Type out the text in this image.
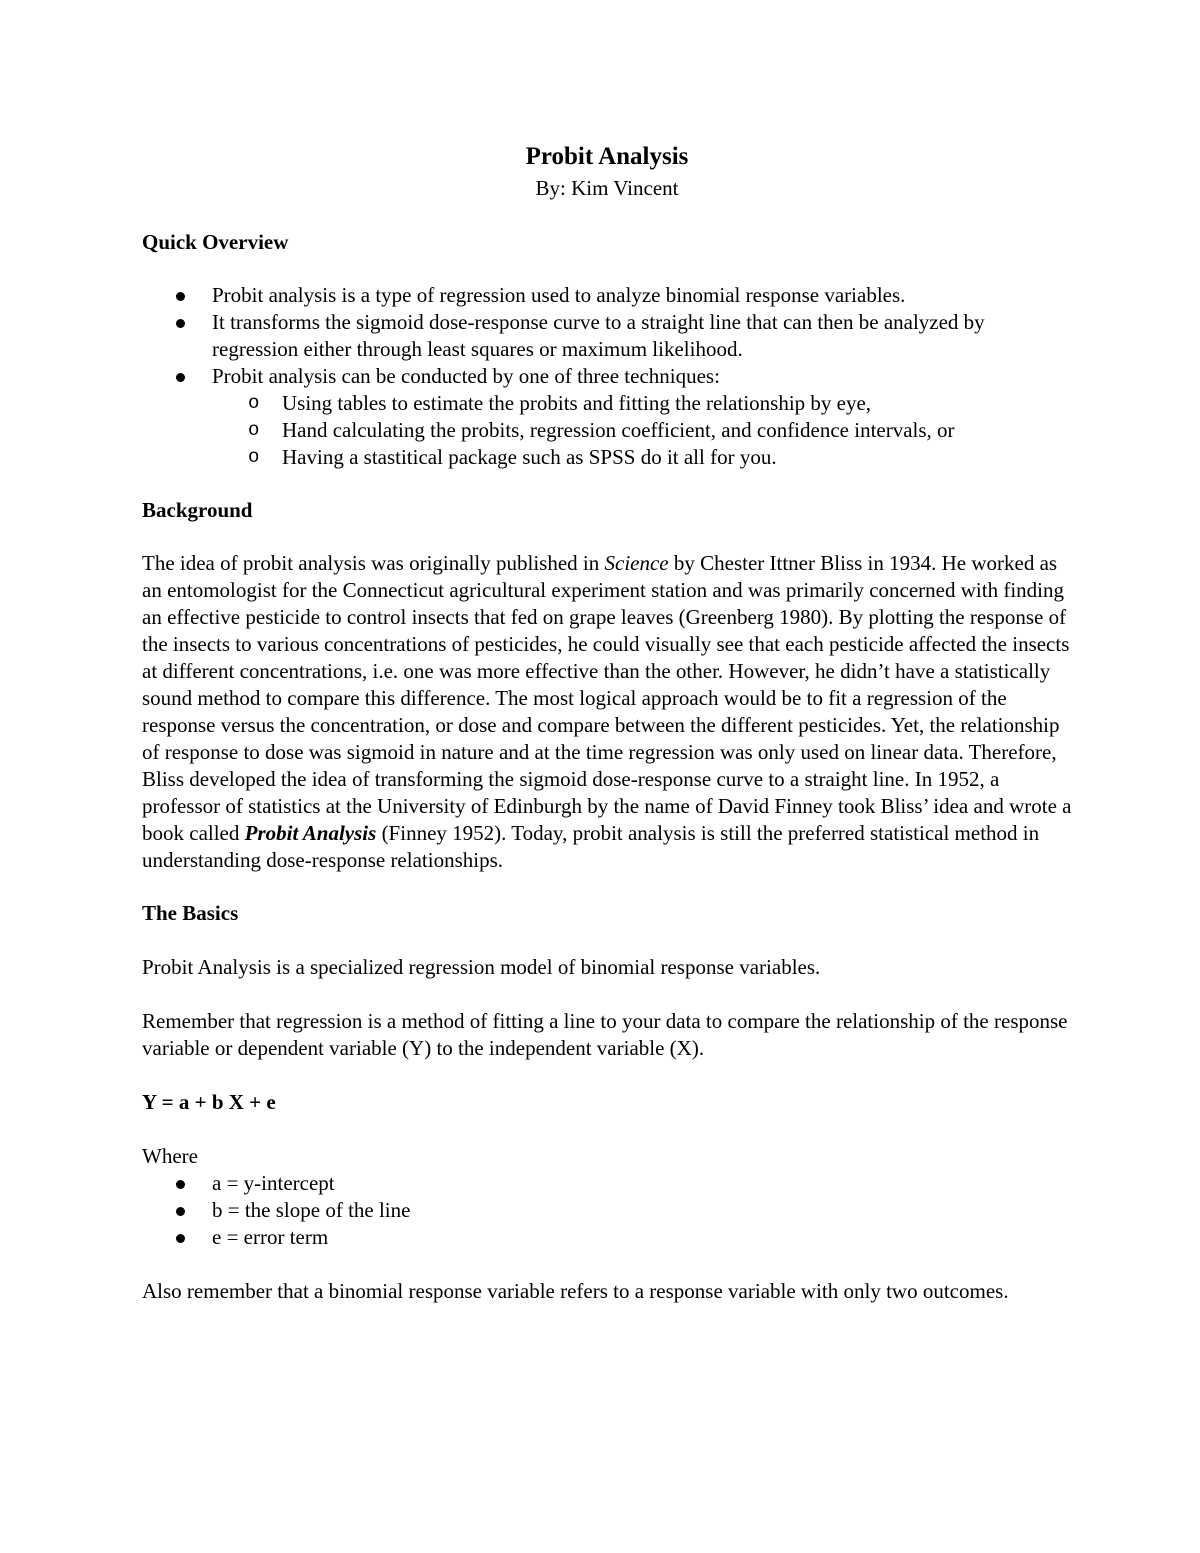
Probit Analysis

By: Kim Vincent

Quick Overview

Probit analysis is a type of regression used to analyze binomial response variables.
It transforms the sigmoid dose-response curve to a straight line that can then be analyzed by regression either through least squares or maximum likelihood.
Probit analysis can be conducted by one of three techniques:
o Using tables to estimate the probits and fitting the relationship by eye,
o Hand calculating the probits, regression coefficient, and confidence intervals, or
o Having a stastitical package such as SPSS do it all for you.

Background

The idea of probit analysis was originally published in Science by Chester Ittner Bliss in 1934. He worked as an entomologist for the Connecticut agricultural experiment station and was primarily concerned with finding an effective pesticide to control insects that fed on grape leaves (Greenberg 1980). By plotting the response of the insects to various concentrations of pesticides, he could visually see that each pesticide affected the insects at different concentrations, i.e. one was more effective than the other. However, he didn’t have a statistically sound method to compare this difference. The most logical approach would be to fit a regression of the response versus the concentration, or dose and compare between the different pesticides. Yet, the relationship of response to dose was sigmoid in nature and at the time regression was only used on linear data. Therefore, Bliss developed the idea of transforming the sigmoid dose-response curve to a straight line. In 1952, a professor of statistics at the University of Edinburgh by the name of David Finney took Bliss’ idea and wrote a book called Probit Analysis (Finney 1952). Today, probit analysis is still the preferred statistical method in understanding dose-response relationships.

The Basics

Probit Analysis is a specialized regression model of binomial response variables.

Remember that regression is a method of fitting a line to your data to compare the relationship of the response variable or dependent variable (Y) to the independent variable (X).

Y = a + b X + e

Where

a = y-intercept
b = the slope of the line
e = error term

Also remember that a binomial response variable refers to a response variable with only two outcomes.
